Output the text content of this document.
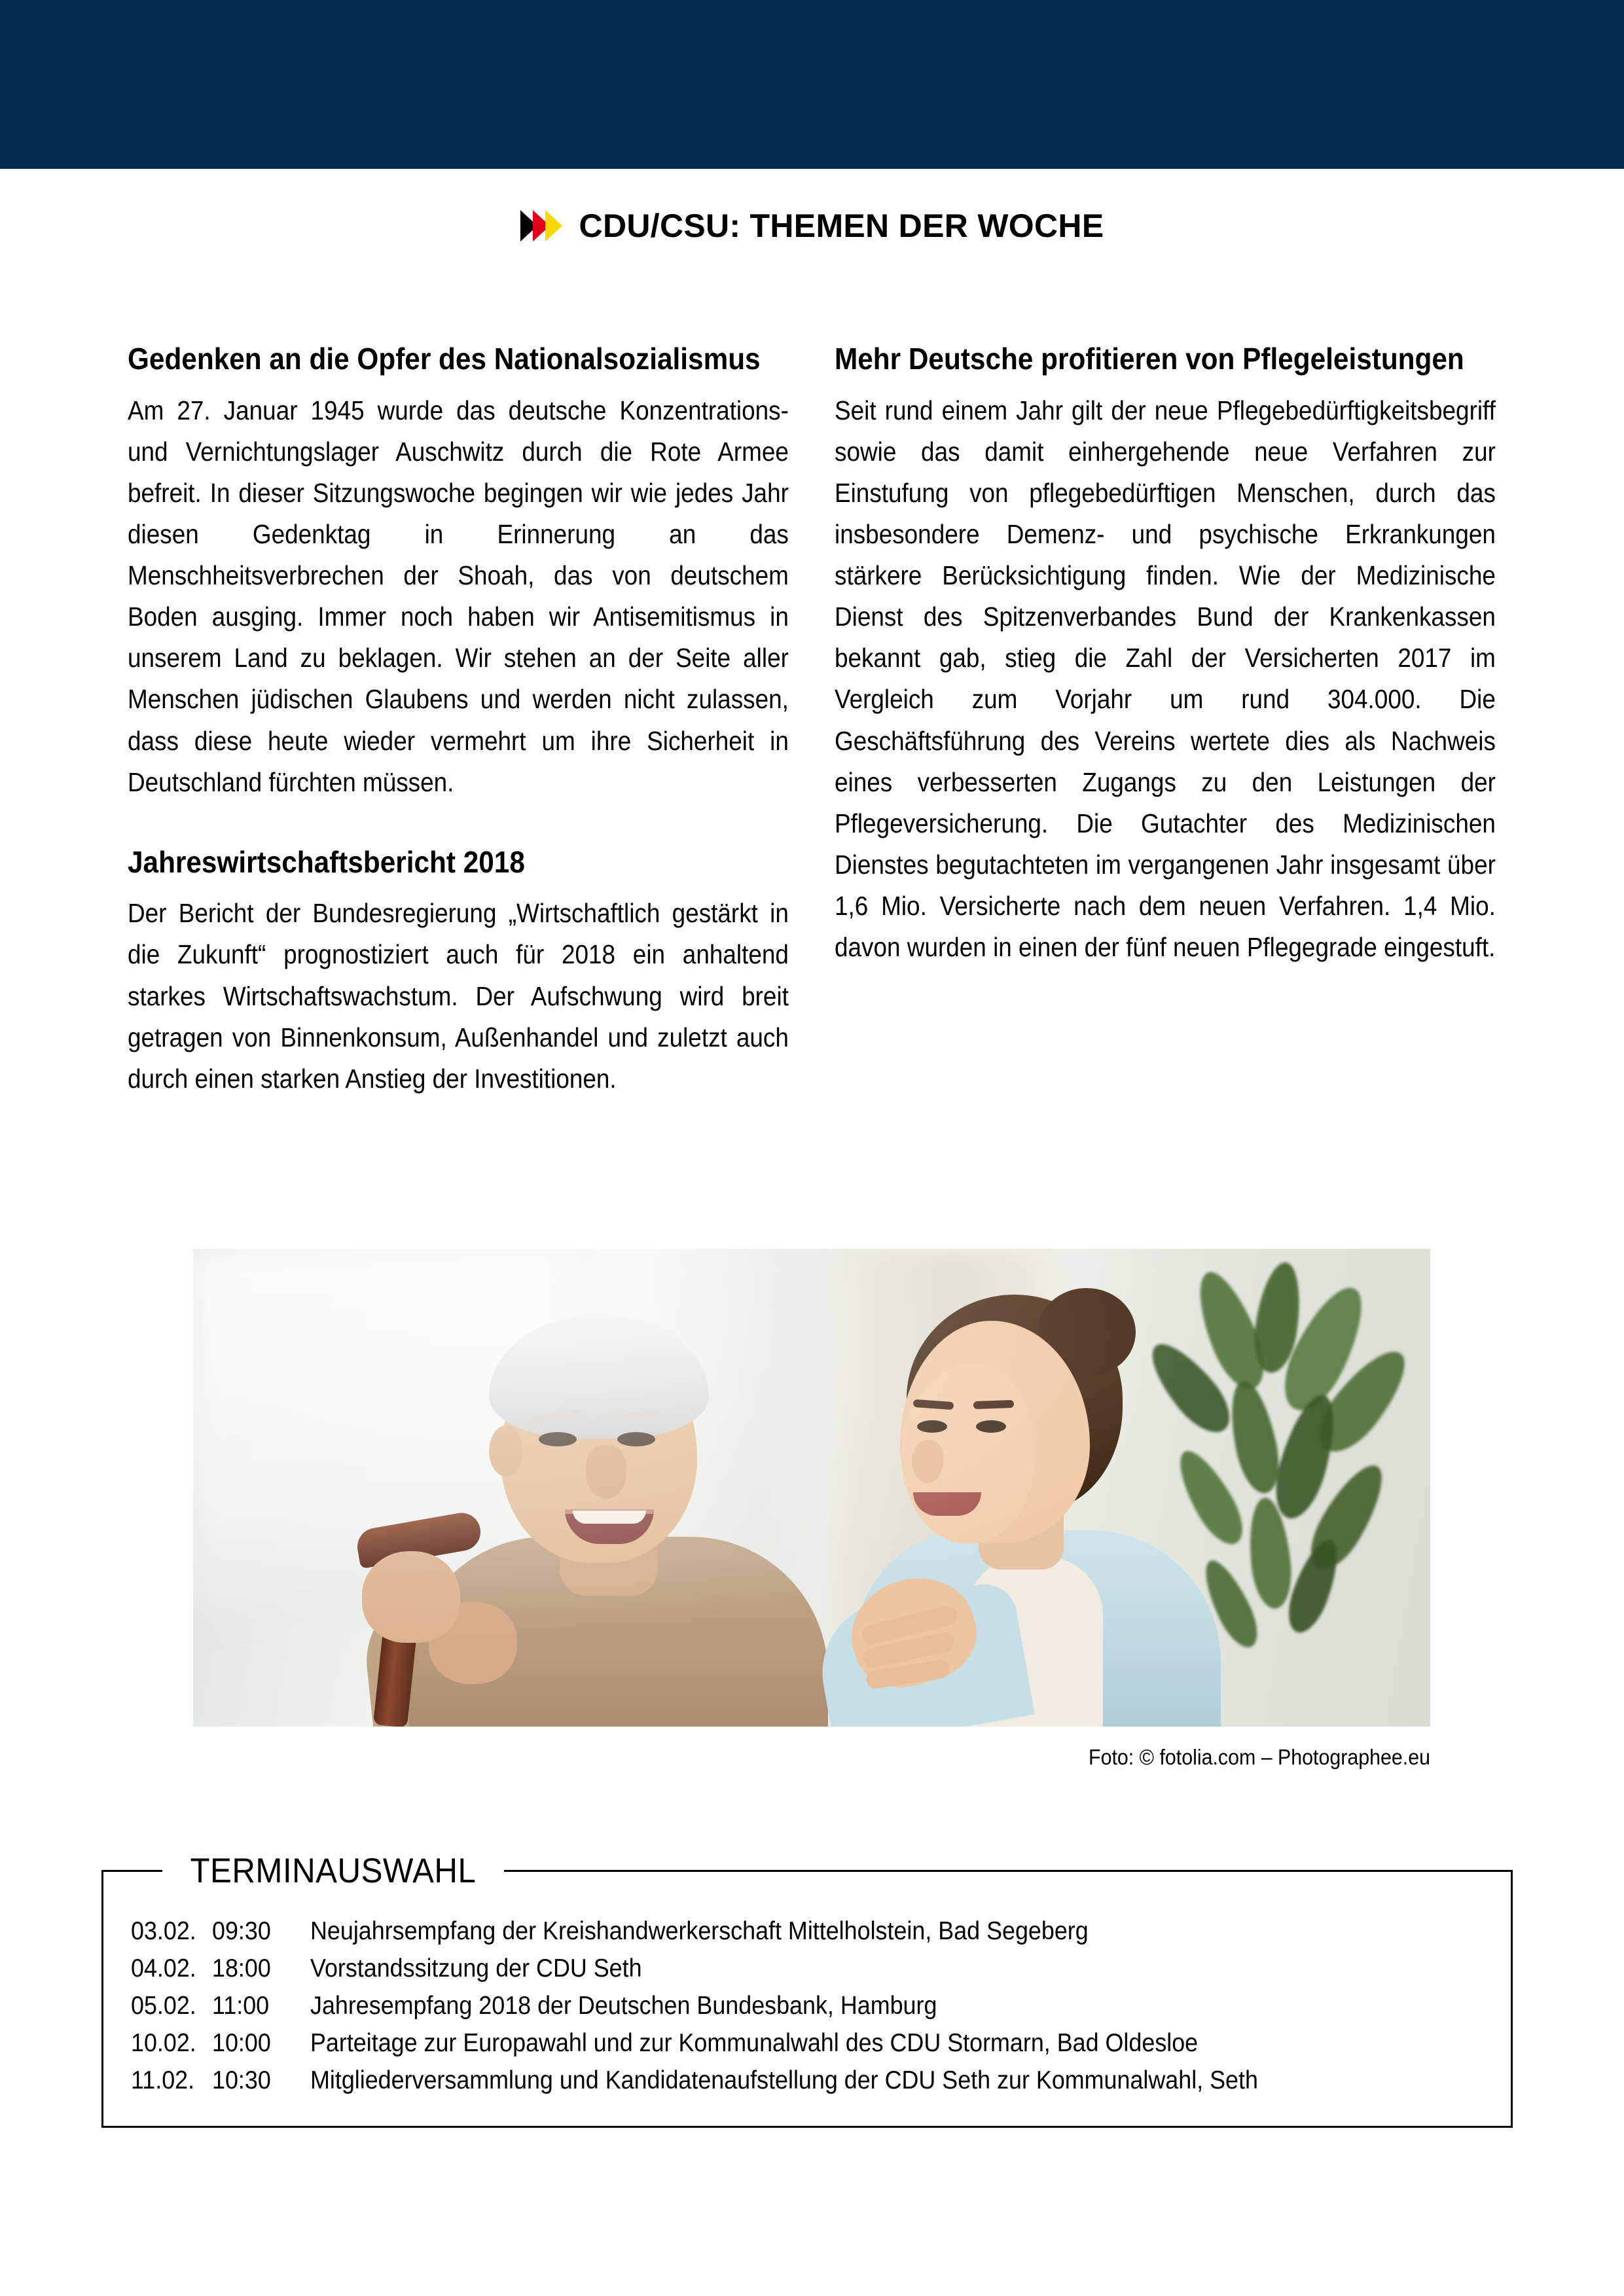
CDU/CSU: THEMEN DER WOCHE
Gedenken an die Opfer des Nationalsozialismus

Am 27. Januar 1945 wurde das deutsche Konzentrations- und Vernichtungslager Auschwitz durch die Rote Armee befreit. In dieser Sitzungswoche begingen wir wie jedes Jahr diesen Gedenktag in Erinnerung an das Menschheitsverbrechen der Shoah, das von deutschem Boden ausging. Immer noch haben wir Antisemitismus in unserem Land zu beklagen. Wir stehen an der Seite aller Menschen jüdischen Glaubens und werden nicht zulassen, dass diese heute wieder vermehrt um ihre Sicherheit in Deutschland fürchten müssen.

Jahreswirtschaftsbericht 2018

Der Bericht der Bundesregierung „Wirtschaftlich gestärkt in die Zukunft“ prognostiziert auch für 2018 ein anhaltend starkes Wirtschaftswachstum. Der Aufschwung wird breit getragen von Binnenkonsum, Außenhandel und zuletzt auch durch einen starken Anstieg der Investitionen.

Mehr Deutsche profitieren von Pflegeleistungen

Seit rund einem Jahr gilt der neue Pflegebedürftigkeitsbegriff sowie das damit einhergehende neue Verfahren zur Einstufung von pflegebedürftigen Menschen, durch das insbesondere Demenz- und psychische Erkrankungen stärkere Berücksichtigung finden. Wie der Medizinische Dienst des Spitzenverbandes Bund der Krankenkassen bekannt gab, stieg die Zahl der Versicherten 2017 im Vergleich zum Vorjahr um rund 304.000. Die Geschäftsführung des Vereins wertete dies als Nachweis eines verbesserten Zugangs zu den Leistungen der Pflegeversicherung. Die Gutachter des Medizinischen Dienstes begutachteten im vergangenen Jahr insgesamt über 1,6 Mio. Versicherte nach dem neuen Verfahren. 1,4 Mio. davon wurden in einen der fünf neuen Pflegegrade eingestuft.

Foto: © fotolia.com – Photographee.eu
TERMINAUSWAHL
03.02. 09:30	Neujahrsempfang der Kreishandwerkerschaft Mittelholstein, Bad Segeberg
04.02. 18:00	Vorstandssitzung der CDU Seth
05.02. 11:00	Jahresempfang 2018 der Deutschen Bundesbank, Hamburg
10.02. 10:00	Parteitage zur Europawahl und zur Kommunalwahl des CDU Stormarn, Bad Oldesloe
11.02. 10:30	Mitgliederversammlung und Kandidatenaufstellung der CDU Seth zur Kommunalwahl, Seth
